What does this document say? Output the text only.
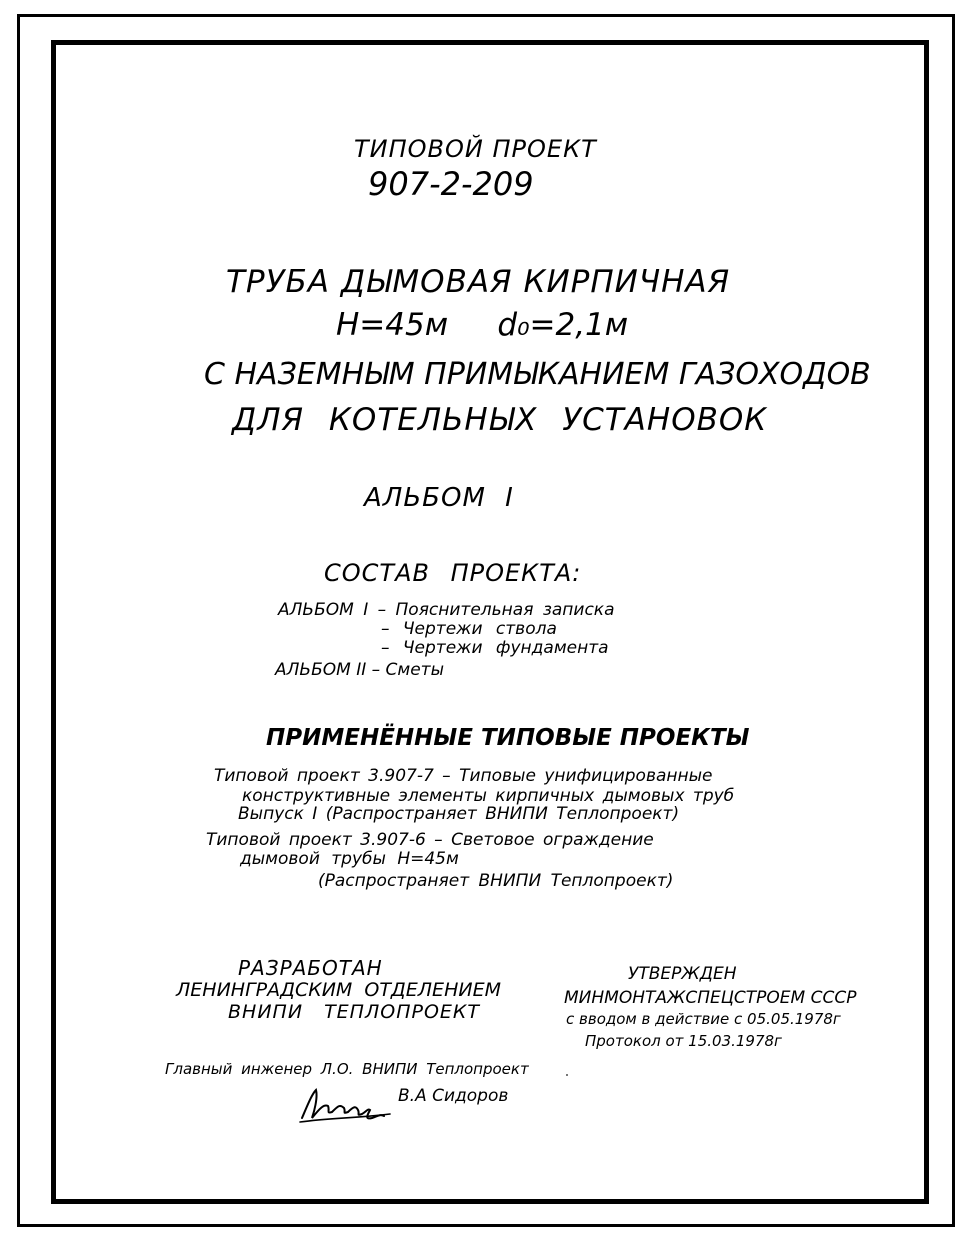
ТИПОВОЙ ПРОЕКТ

907-2-209

ТРУБА ДЫМОВАЯ КИРПИЧНАЯ

H=45м     d₀=2,1м

С НАЗЕМНЫМ ПРИМЫКАНИЕМ ГАЗОХОДОВ

ДЛЯ КОТЕЛЬНЫХ УСТАНОВОК

АЛЬБОМ I

СОСТАВ ПРОЕКТА:

АЛЬБОМ I – Пояснительная записка

– Чертежи ствола

– Чертежи фундамента

АЛЬБОМ II – Сметы

ПРИМЕНЁННЫЕ ТИПОВЫЕ ПРОЕКТЫ

Типовой проект 3.907-7 – Типовые унифицированные

конструктивные элементы кирпичных дымовых труб

Выпуск I (Распространяет ВНИПИ Теплопроект)

Типовой проект 3.907-6 – Световое ограждение

дымовой трубы H=45м

(Распространяет ВНИПИ Теплопроект)

РАЗРАБОТАН

ЛЕНИНГРАДСКИМ ОТДЕЛЕНИЕМ

ВНИПИ ТЕПЛОПРОЕКТ

УТВЕРЖДЕН

МИНМОНТАЖСПЕЦСТРОЕМ СССР

с вводом в действие с 05.05.1978г

Протокол от 15.03.1978г

Главный инженер Л.О. ВНИПИ Теплопроект

В.А Сидоров
